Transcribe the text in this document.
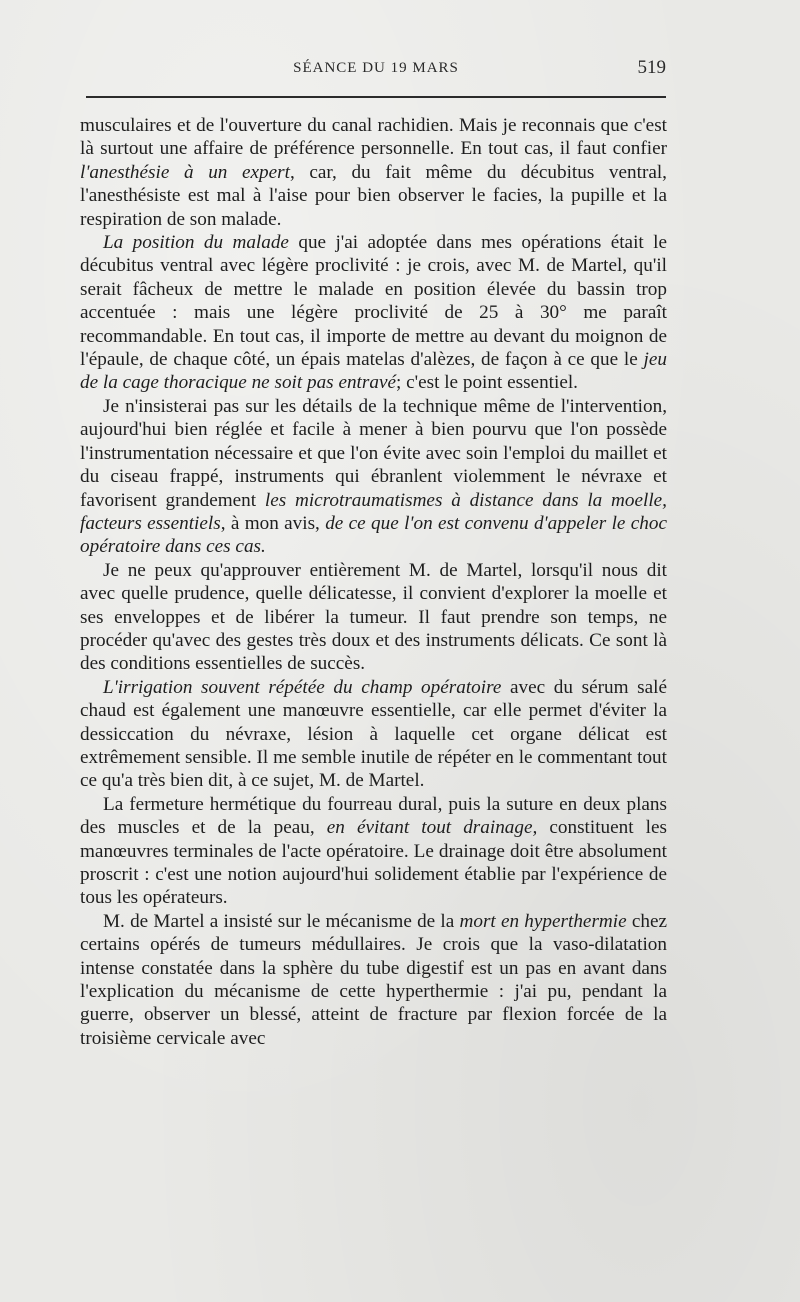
SÉANCE DU 19 MARS	519

musculaires et de l'ouverture du canal rachidien. Mais je reconnais que c'est là surtout une affaire de préférence personnelle. En tout cas, il faut confier l'anesthésie à un expert, car, du fait même du décubitus ventral, l'anesthésiste est mal à l'aise pour bien observer le facies, la pupille et la respiration de son malade.

La position du malade que j'ai adoptée dans mes opérations était le décubitus ventral avec légère proclivité : je crois, avec M. de Martel, qu'il serait fâcheux de mettre le malade en position élevée du bassin trop accentuée : mais une légère proclivité de 25 à 30° me paraît recommandable. En tout cas, il importe de mettre au devant du moignon de l'épaule, de chaque côté, un épais matelas d'alèzes, de façon à ce que le jeu de la cage thoracique ne soit pas entravé; c'est le point essentiel.

Je n'insisterai pas sur les détails de la technique même de l'intervention, aujourd'hui bien réglée et facile à mener à bien pourvu que l'on possède l'instrumentation nécessaire et que l'on évite avec soin l'emploi du maillet et du ciseau frappé, instruments qui ébranlent violemment le névraxe et favorisent grandement les microtraumatismes à distance dans la moelle, facteurs essentiels, à mon avis, de ce que l'on est convenu d'appeler le choc opératoire dans ces cas.

Je ne peux qu'approuver entièrement M. de Martel, lorsqu'il nous dit avec quelle prudence, quelle délicatesse, il convient d'explorer la moelle et ses enveloppes et de libérer la tumeur. Il faut prendre son temps, ne procéder qu'avec des gestes très doux et des instruments délicats. Ce sont là des conditions essentielles de succès.

L'irrigation souvent répétée du champ opératoire avec du sérum salé chaud est également une manœuvre essentielle, car elle permet d'éviter la dessiccation du névraxe, lésion à laquelle cet organe délicat est extrêmement sensible. Il me semble inutile de répéter en le commentant tout ce qu'a très bien dit, à ce sujet, M. de Martel.

La fermeture hermétique du fourreau dural, puis la suture en deux plans des muscles et de la peau, en évitant tout drainage, constituent les manœuvres terminales de l'acte opératoire. Le drainage doit être absolument proscrit : c'est une notion aujourd'hui solidement établie par l'expérience de tous les opérateurs.

M. de Martel a insisté sur le mécanisme de la mort en hyperthermie chez certains opérés de tumeurs médullaires. Je crois que la vaso-dilatation intense constatée dans la sphère du tube digestif est un pas en avant dans l'explication du mécanisme de cette hyperthermie : j'ai pu, pendant la guerre, observer un blessé, atteint de fracture par flexion forcée de la troisième cervicale avec
